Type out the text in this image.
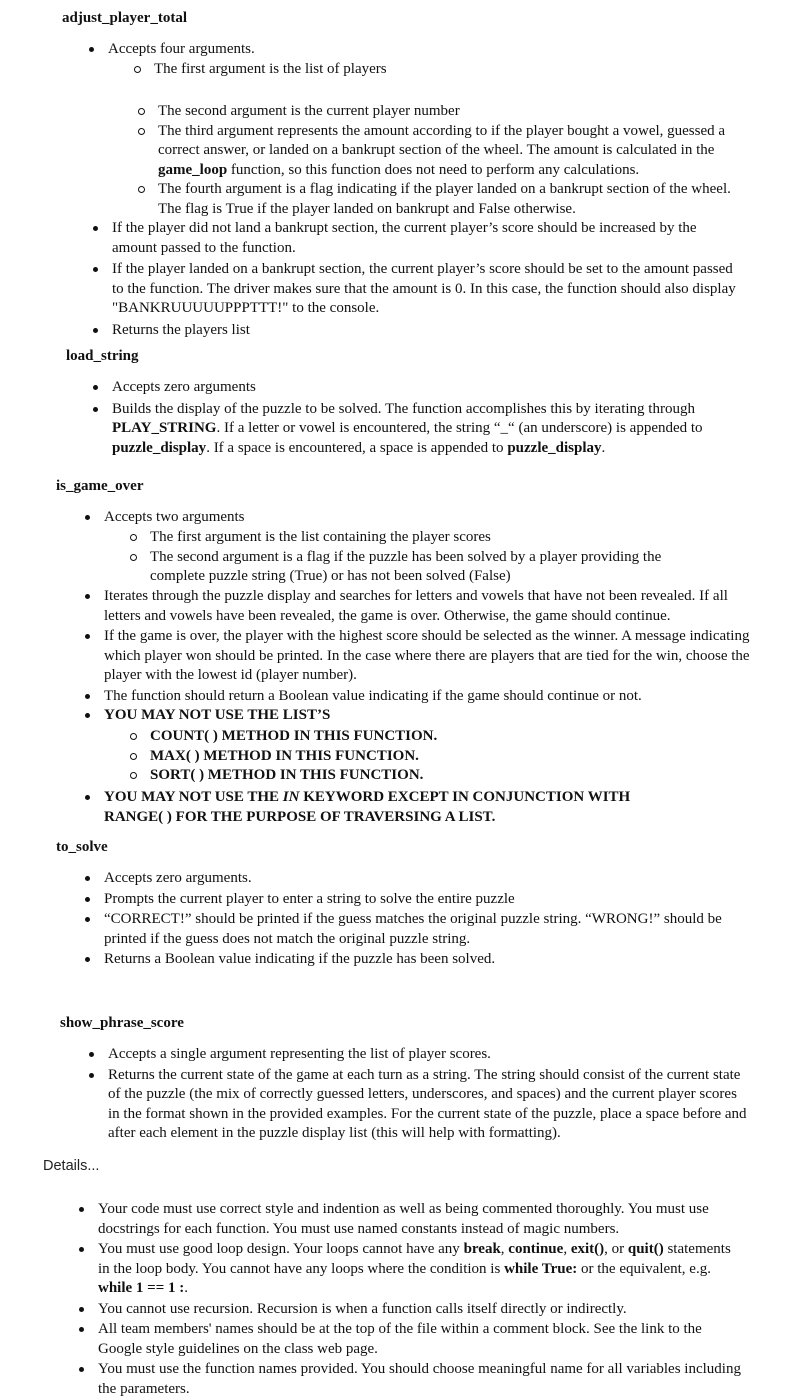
adjust_player_total
Accepts four arguments.
The first argument is the list of players
The second argument is the current player number
The third argument represents the amount according to if the player bought a vowel, guessed a correct answer, or landed on a bankrupt section of the wheel. The amount is calculated in the game_loop function, so this function does not need to perform any calculations.
The fourth argument is a flag indicating if the player landed on a bankrupt section of the wheel. The flag is True if the player landed on bankrupt and False otherwise.
If the player did not land a bankrupt section, the current player’s score should be increased by the amount passed to the function.
If the player landed on a bankrupt section, the current player’s score should be set to the amount passed to the function. The driver makes sure that the amount is 0. In this case, the function should also display "BANKRUUUUUPPPTTT!" to the console.
Returns the players list
load_string
Accepts zero arguments
Builds the display of the puzzle to be solved. The function accomplishes this by iterating through PLAY_STRING. If a letter or vowel is encountered, the string “_“ (an underscore) is appended to puzzle_display. If a space is encountered, a space is appended to puzzle_display.
is_game_over
Accepts two arguments
The first argument is the list containing the player scores
The second argument is a flag if the puzzle has been solved by a player providing the complete puzzle string (True) or has not been solved (False)
Iterates through the puzzle display and searches for letters and vowels that have not been revealed. If all letters and vowels have been revealed, the game is over. Otherwise, the game should continue.
If the game is over, the player with the highest score should be selected as the winner. A message indicating which player won should be printed. In the case where there are players that are tied for the win, choose the player with the lowest id (player number).
The function should return a Boolean value indicating if the game should continue or not.
YOU MAY NOT USE THE LIST’S
COUNT( ) METHOD IN THIS FUNCTION.
MAX( ) METHOD IN THIS FUNCTION.
SORT( ) METHOD IN THIS FUNCTION.
YOU MAY NOT USE THE IN KEYWORD EXCEPT IN CONJUNCTION WITH RANGE( ) FOR THE PURPOSE OF TRAVERSING A LIST.
to_solve
Accepts zero arguments.
Prompts the current player to enter a string to solve the entire puzzle
“CORRECT!” should be printed if the guess matches the original puzzle string. “WRONG!” should be printed if the guess does not match the original puzzle string.
Returns a Boolean value indicating if the puzzle has been solved.
show_phrase_score
Accepts a single argument representing the list of player scores.
Returns the current state of the game at each turn as a string. The string should consist of the current state of the puzzle (the mix of correctly guessed letters, underscores, and spaces) and the current player scores in the format shown in the provided examples. For the current state of the puzzle, place a space before and after each element in the puzzle display list (this will help with formatting).
Details...
Your code must use correct style and indention as well as being commented thoroughly. You must use docstrings for each function. You must use named constants instead of magic numbers.
You must use good loop design. Your loops cannot have any break, continue, exit(), or quit() statements in the loop body. You cannot have any loops where the condition is while True: or the equivalent, e.g. while 1 == 1 :.
You cannot use recursion. Recursion is when a function calls itself directly or indirectly.
All team members' names should be at the top of the file within a comment block. See the link to the Google style guidelines on the class web page.
You must use the function names provided. You should choose meaningful name for all variables including the parameters.
